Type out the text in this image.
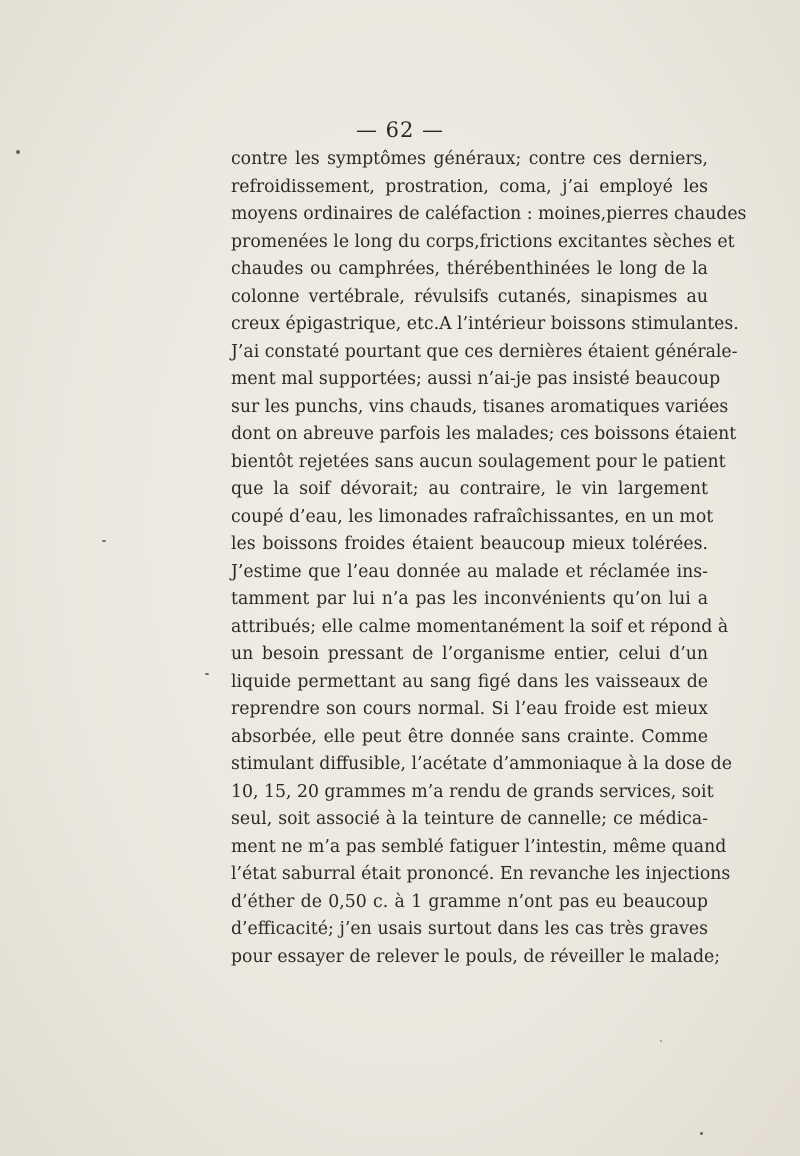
— 62 —
contre les symptômes généraux; contre ces derniers,
refroidissement, prostration, coma, j’ai employé les
moyens ordinaires de caléfaction : moines,pierres chaudes
promenées le long du corps,frictions excitantes sèches et
chaudes ou camphrées, thérébenthinées le long de la
colonne vertébrale, révulsifs cutanés, sinapismes au
creux épigastrique, etc.A l’intérieur boissons stimulantes.
J’ai constaté pourtant que ces dernières étaient générale-
ment mal supportées; aussi n’ai-je pas insisté beaucoup
sur les punchs, vins chauds, tisanes aromatiques variées
dont on abreuve parfois les malades; ces boissons étaient
bientôt rejetées sans aucun soulagement pour le patient
que la soif dévorait; au contraire, le vin largement
coupé d’eau, les limonades rafraîchissantes, en un mot
les boissons froides étaient beaucoup mieux tolérées.
J’estime que l’eau donnée au malade et réclamée ins-
tamment par lui n’a pas les inconvénients qu’on lui a
attribués; elle calme momentanément la soif et répond à
un besoin pressant de l’organisme entier, celui d’un
liquide permettant au sang figé dans les vaisseaux de
reprendre son cours normal. Si l’eau froide est mieux
absorbée, elle peut être donnée sans crainte. Comme
stimulant diffusible, l’acétate d’ammoniaque à la dose de
10, 15, 20 grammes m’a rendu de grands services, soit
seul, soit associé à la teinture de cannelle; ce médica-
ment ne m’a pas semblé fatiguer l’intestin, même quand
l’état saburral était prononcé. En revanche les injections
d’éther de 0,50 c. à 1 gramme n’ont pas eu beaucoup
d’efficacité; j’en usais surtout dans les cas très graves
pour essayer de relever le pouls, de réveiller le malade;
